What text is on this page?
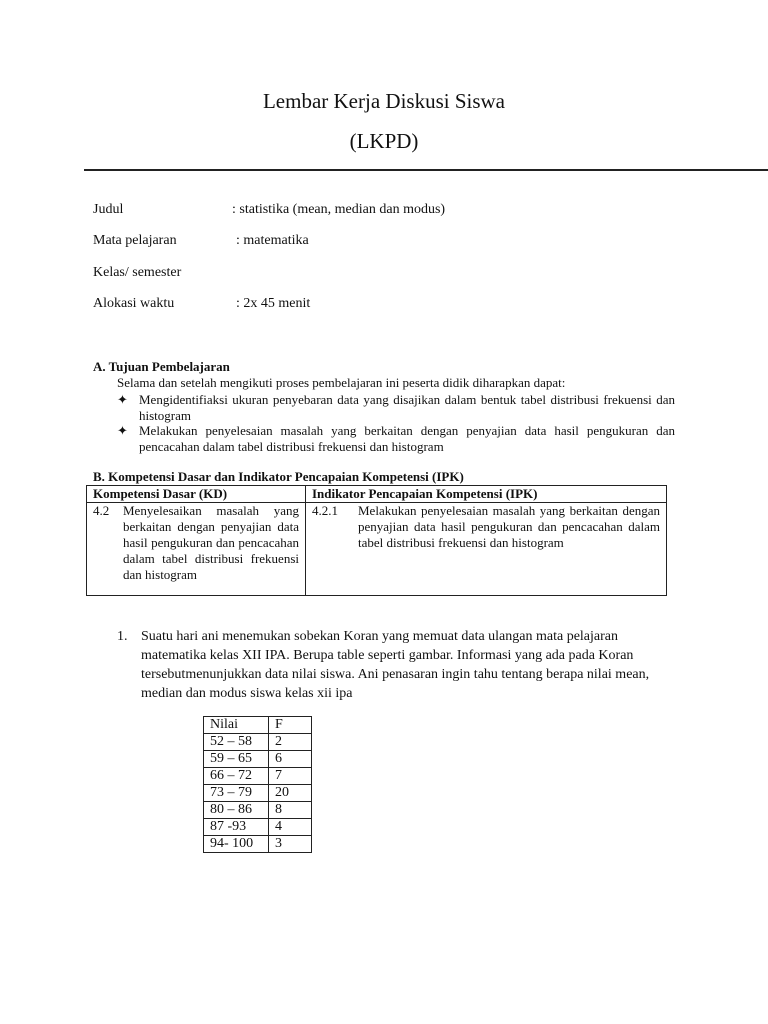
Lembar Kerja Diskusi Siswa
(LKPD)
Judul	: statistika (mean, median dan modus)
Mata pelajaran	: matematika
Kelas/ semester
Alokasi waktu	: 2x 45 menit
A. Tujuan Pembelajaran
Selama dan setelah mengikuti proses pembelajaran ini peserta didik diharapkan dapat:
✦ Mengidentifiaksi ukuran penyebaran data yang disajikan dalam bentuk tabel distribusi frekuensi dan histogram
✦ Melakukan penyelesaian masalah yang berkaitan dengan penyajian data hasil pengukuran dan pencacahan dalam tabel distribusi frekuensi dan histogram
B. Kompetensi Dasar dan Indikator Pencapaian Kompetensi (IPK)
Kompetensi Dasar (KD)	Indikator Pencapaian Kompetensi (IPK)

4.2 Menyelesaikan masalah yang berkaitan dengan penyajian data hasil pengukuran dan pencacahan dalam tabel distribusi frekuensi dan histogram	4.2.1 Melakukan penyelesaian masalah yang berkaitan dengan penyajian data hasil pengukuran dan pencacahan dalam tabel distribusi frekuensi dan histogram
1. Suatu hari ani menemukan sobekan Koran yang memuat data ulangan mata pelajaran matematika kelas XII IPA. Berupa table seperti gambar. Informasi yang ada pada Koran tersebutmenunjukkan data nilai siswa. Ani penasaran ingin tahu tentang berapa nilai mean, median dan modus siswa kelas xii ipa
Nilai	F
52 – 58	2
59 – 65	6
66 – 72	7
73 – 79	20
80 – 86	8
87 -93	4
94- 100	3
